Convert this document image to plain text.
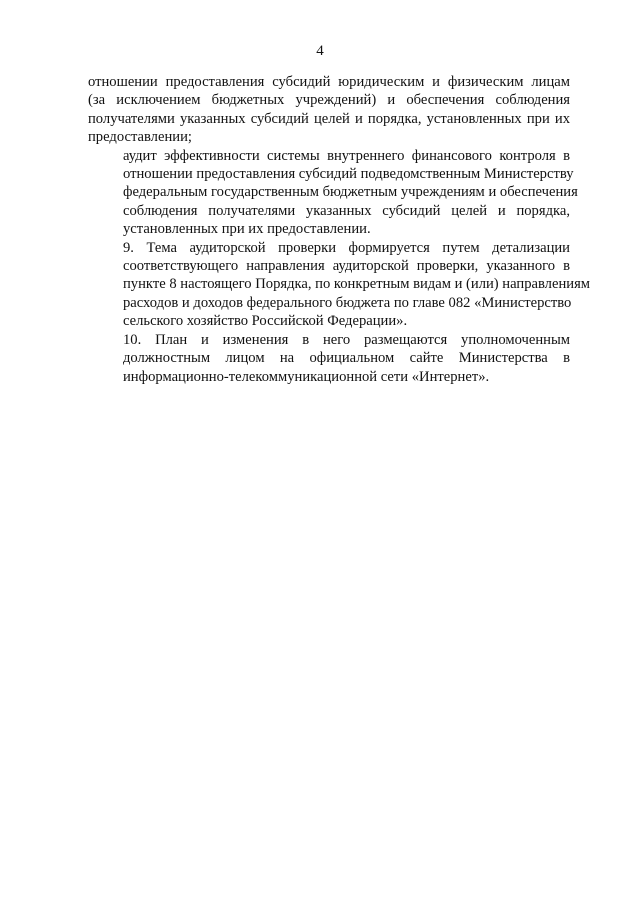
4

отношении предоставления субсидий юридическим и физическим лицам
(за исключением бюджетных учреждений) и обеспечения соблюдения
получателями указанных субсидий целей и порядка, установленных при их
предоставлении;

аудит эффективности системы внутреннего финансового контроля в
отношении предоставления субсидий подведомственным Министерству
федеральным государственным бюджетным учреждениям и обеспечения
соблюдения получателями указанных субсидий целей и порядка,
установленных при их предоставлении.

9. Тема аудиторской проверки формируется путем детализации
соответствующего направления аудиторской проверки, указанного в
пункте 8 настоящего Порядка, по конкретным видам и (или) направлениям
расходов и доходов федерального бюджета по главе 082 «Министерство
сельского хозяйство Российской Федерации».

10. План и изменения в него размещаются уполномоченным
должностным лицом на официальном сайте Министерства в
информационно-телекоммуникационной сети «Интернет».
